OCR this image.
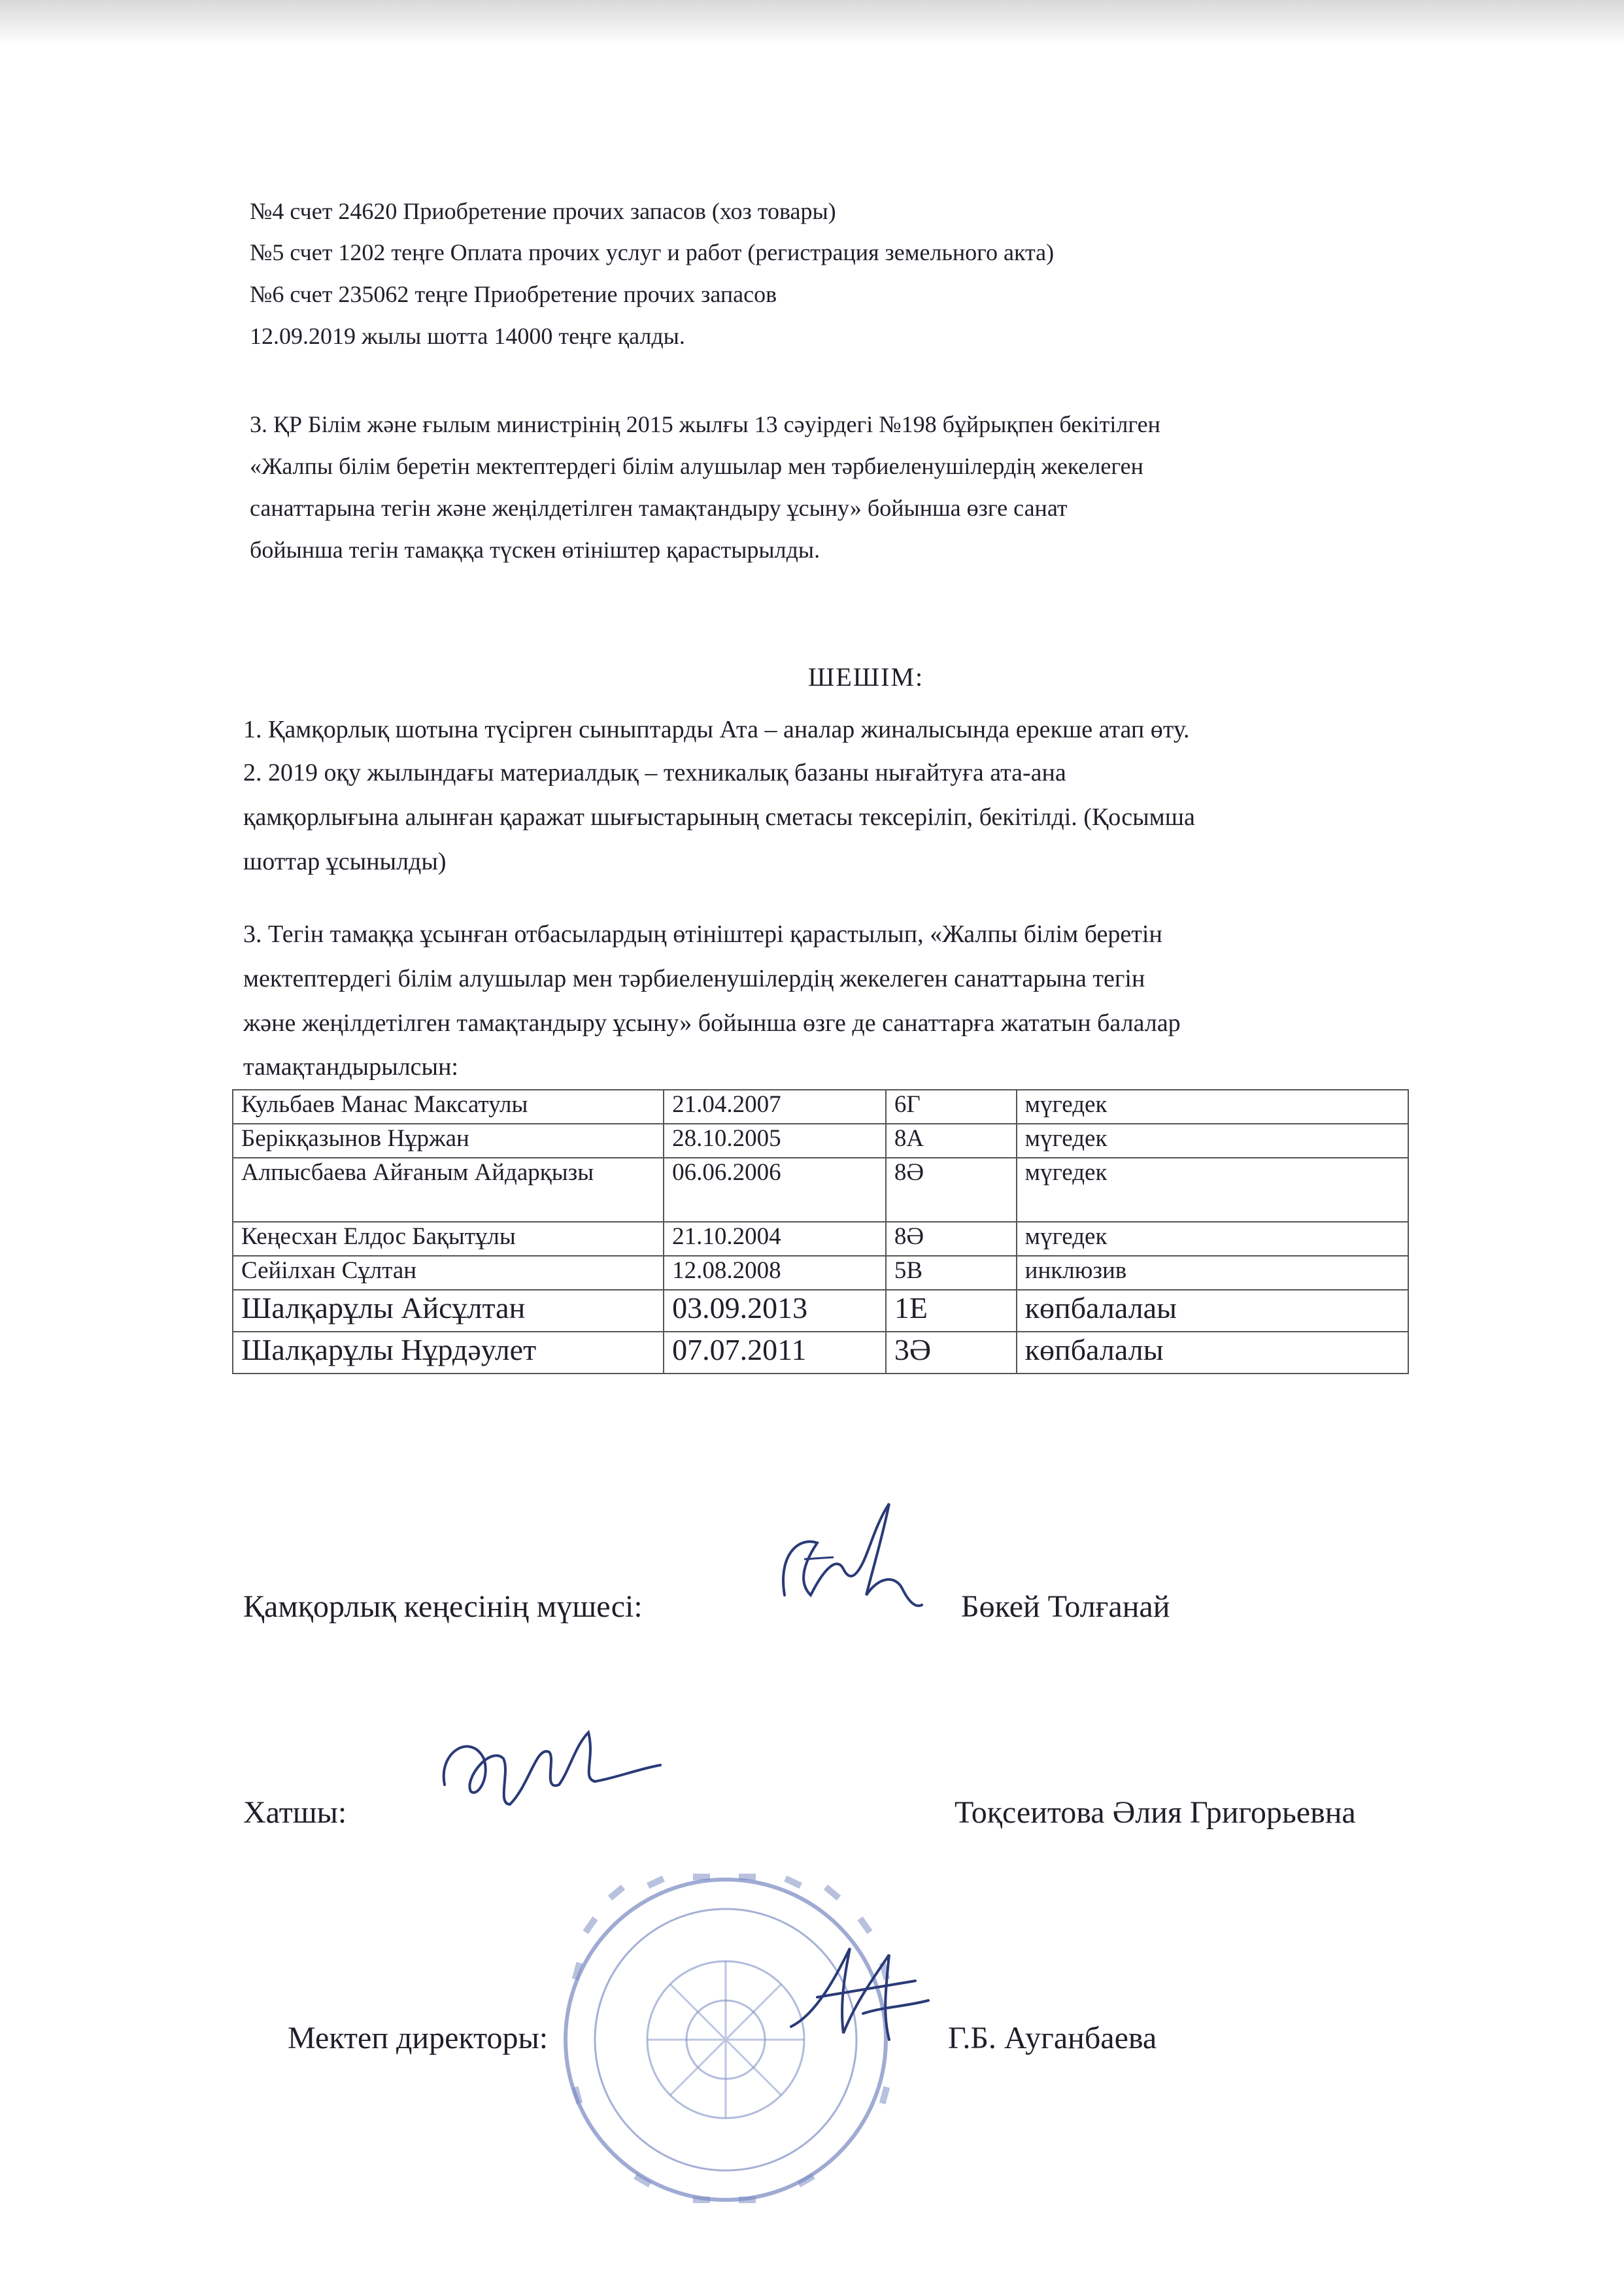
№4 счет 24620 Приобретение прочих запасов (хоз товары)

№5 счет 1202 теңге Оплата прочих услуг и работ (регистрация земельного акта)

№6 счет 235062 теңге Приобретение прочих запасов

12.09.2019 жылы шотта 14000 теңге қалды.

3. ҚР Білім және ғылым министрінің 2015 жылғы 13 сәуірдегі №198 бұйрықпен бекітілген

«Жалпы білім беретін мектептердегі білім алушылар мен тәрбиеленушілердің жекелеген

санаттарына тегін және жеңілдетілген тамақтандыру ұсыну» бойынша өзге санат

бойынша тегін тамаққа түскен өтініштер қарастырылды.

ШЕШІМ:

1. Қамқорлық шотына түсірген сыныптарды Ата – аналар жиналысында ерекше атап өту.

2. 2019 оқу жылындағы материалдық – техникалық базаны нығайтуға ата-ана

қамқорлығына алынған қаражат шығыстарының сметасы тексеріліп, бекітілді. (Қосымша

шоттар ұсынылды)

3. Тегін тамаққа ұсынған отбасылардың өтініштері қарастылып, «Жалпы білім беретін

мектептердегі білім алушылар мен тәрбиеленушілердің жекелеген санаттарына тегін

және жеңілдетілген тамақтандыру ұсыну» бойынша өзге де санаттарға жататын балалар

тамақтандырылсын:

Кульбаев Манас Максатулы	21.04.2007	6Г	мүгедек
Берікқазынов Нұржан	28.10.2005	8А	мүгедек
Алпысбаева Айғаным Айдарқызы	06.06.2006	8Ә	мүгедек
Кеңесхан Елдос Бақытұлы	21.10.2004	8Ә	мүгедек
Сейілхан Сұлтан	12.08.2008	5В	инклюзив
Шалқарұлы Айсұлтан	03.09.2013	1Е	көпбалалаы
Шалқарұлы Нұрдәулет	07.07.2011	3Ә	көпбалалы

Қамқорлық кеңесінің мүшесі:	Бөкей Толғанай

Хатшы:	Тоқсеитова Әлия Григорьевна

Мектеп директоры:	Г.Б. Ауганбаева
